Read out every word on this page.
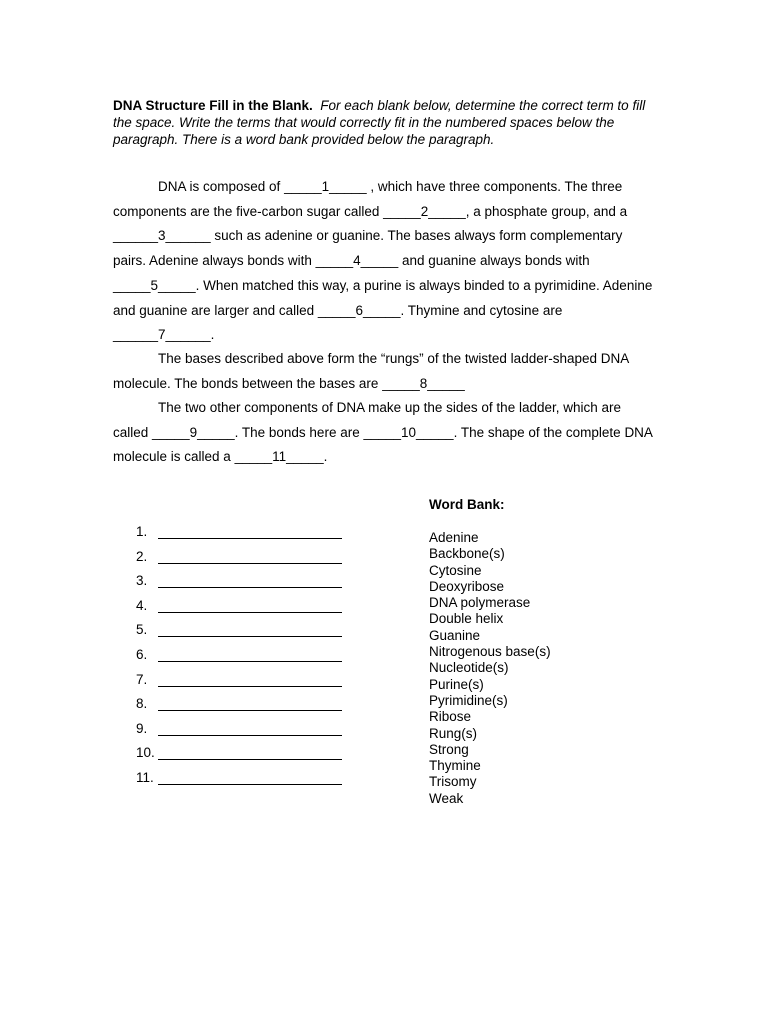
DNA Structure Fill in the Blank. For each blank below, determine the correct term to fill the space. Write the terms that would correctly fit in the numbered spaces below the paragraph. There is a word bank provided below the paragraph.
DNA is composed of _____1_____ , which have three components. The three components are the five-carbon sugar called _____2_____, a phosphate group, and a ______3______ such as adenine or guanine. The bases always form complementary pairs. Adenine always bonds with _____4_____ and guanine always bonds with _____5_____. When matched this way, a purine is always binded to a pyrimidine. Adenine and guanine are larger and called _____6_____. Thymine and cytosine are
______7______.
The bases described above form the “rungs” of the twisted ladder-shaped DNA molecule. The bonds between the bases are _____8_____
The two other components of DNA make up the sides of the ladder, which are called _____9_____. The bonds here are _____10_____. The shape of the complete DNA molecule is called a _____11_____.
1.
2.
3.
4.
5.
6.
7.
8.
9.
10.
11.
Word Bank:
Adenine
Backbone(s)
Cytosine
Deoxyribose
DNA polymerase
Double helix
Guanine
Nitrogenous base(s)
Nucleotide(s)
Purine(s)
Pyrimidine(s)
Ribose
Rung(s)
Strong
Thymine
Trisomy
Weak
